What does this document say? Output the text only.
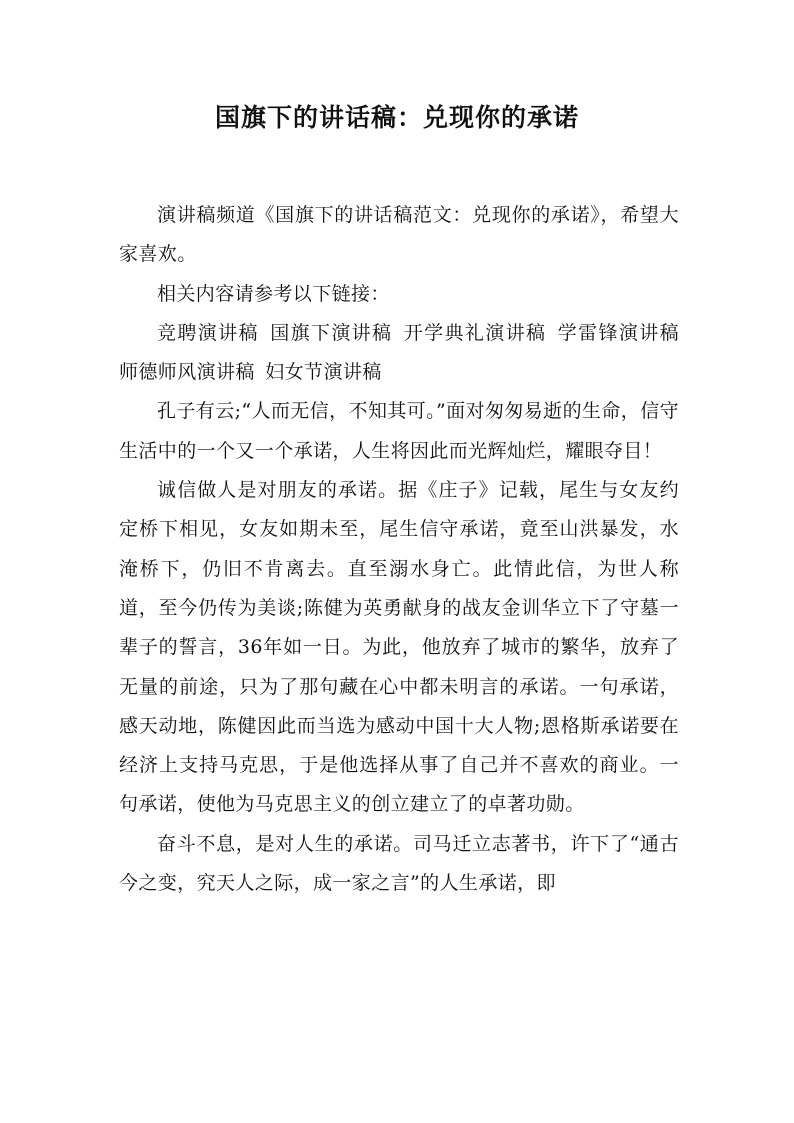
国旗下的讲话稿：兑现你的承诺

演讲稿频道《国旗下的讲话稿范文：兑现你的承诺》，希望大家喜欢。

相关内容请参考以下链接：

竞聘演讲稿 国旗下演讲稿 开学典礼演讲稿 学雷锋演讲稿 师德师风演讲稿 妇女节演讲稿

孔子有云;“人而无信，不知其可。”面对匆匆易逝的生命，信守生活中的一个又一个承诺，人生将因此而光辉灿烂，耀眼夺目！

诚信做人是对朋友的承诺。据《庄子》记载，尾生与女友约定桥下相见，女友如期未至，尾生信守承诺，竟至山洪暴发，水淹桥下，仍旧不肯离去。直至溺水身亡。此情此信，为世人称道，至今仍传为美谈;陈健为英勇献身的战友金训华立下了守墓一辈子的誓言，36年如一日。为此，他放弃了城市的繁华，放弃了无量的前途，只为了那句藏在心中都未明言的承诺。一句承诺，感天动地，陈健因此而当选为感动中国十大人物;恩格斯承诺要在经济上支持马克思，于是他选择从事了自己并不喜欢的商业。一句承诺，使他为马克思主义的创立建立了的卓著功勋。

奋斗不息，是对人生的承诺。司马迁立志著书，许下了“通古今之变，究天人之际，成一家之言”的人生承诺，即
